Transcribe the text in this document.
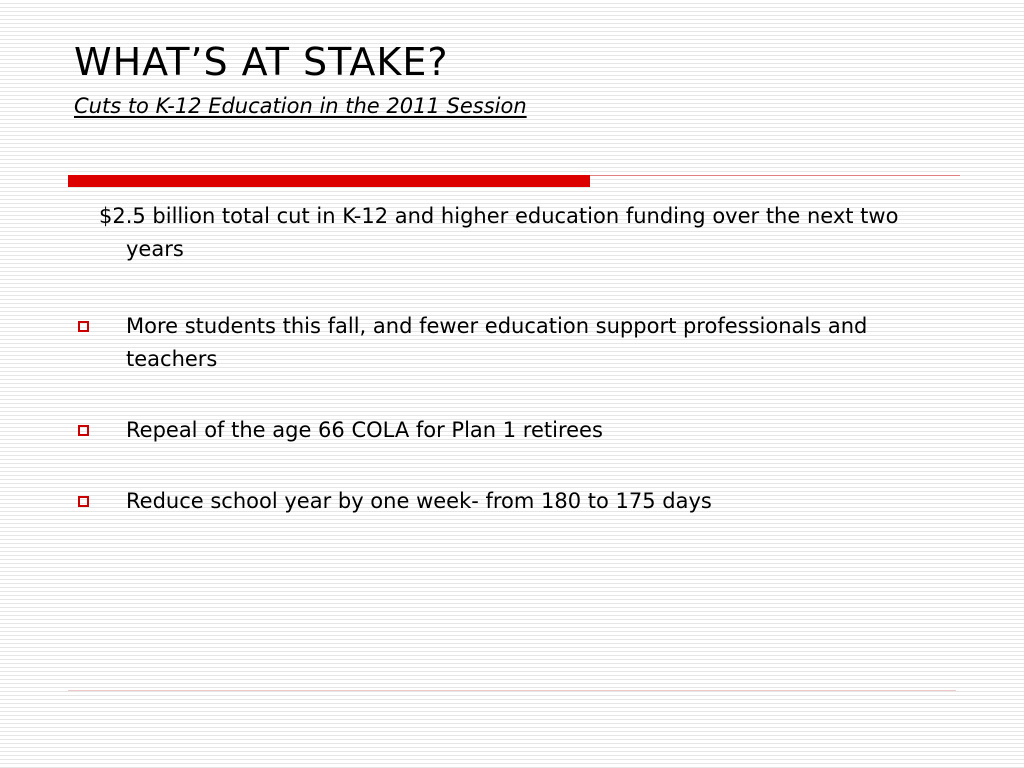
WHAT’S AT STAKE?
Cuts to K-12 Education in the 2011 Session

$2.5 billion total cut in K-12 and higher education funding over the next two years

More students this fall, and fewer education support professionals and teachers
Repeal of the age 66 COLA for Plan 1 retirees
Reduce school year by one week- from 180 to 175 days
